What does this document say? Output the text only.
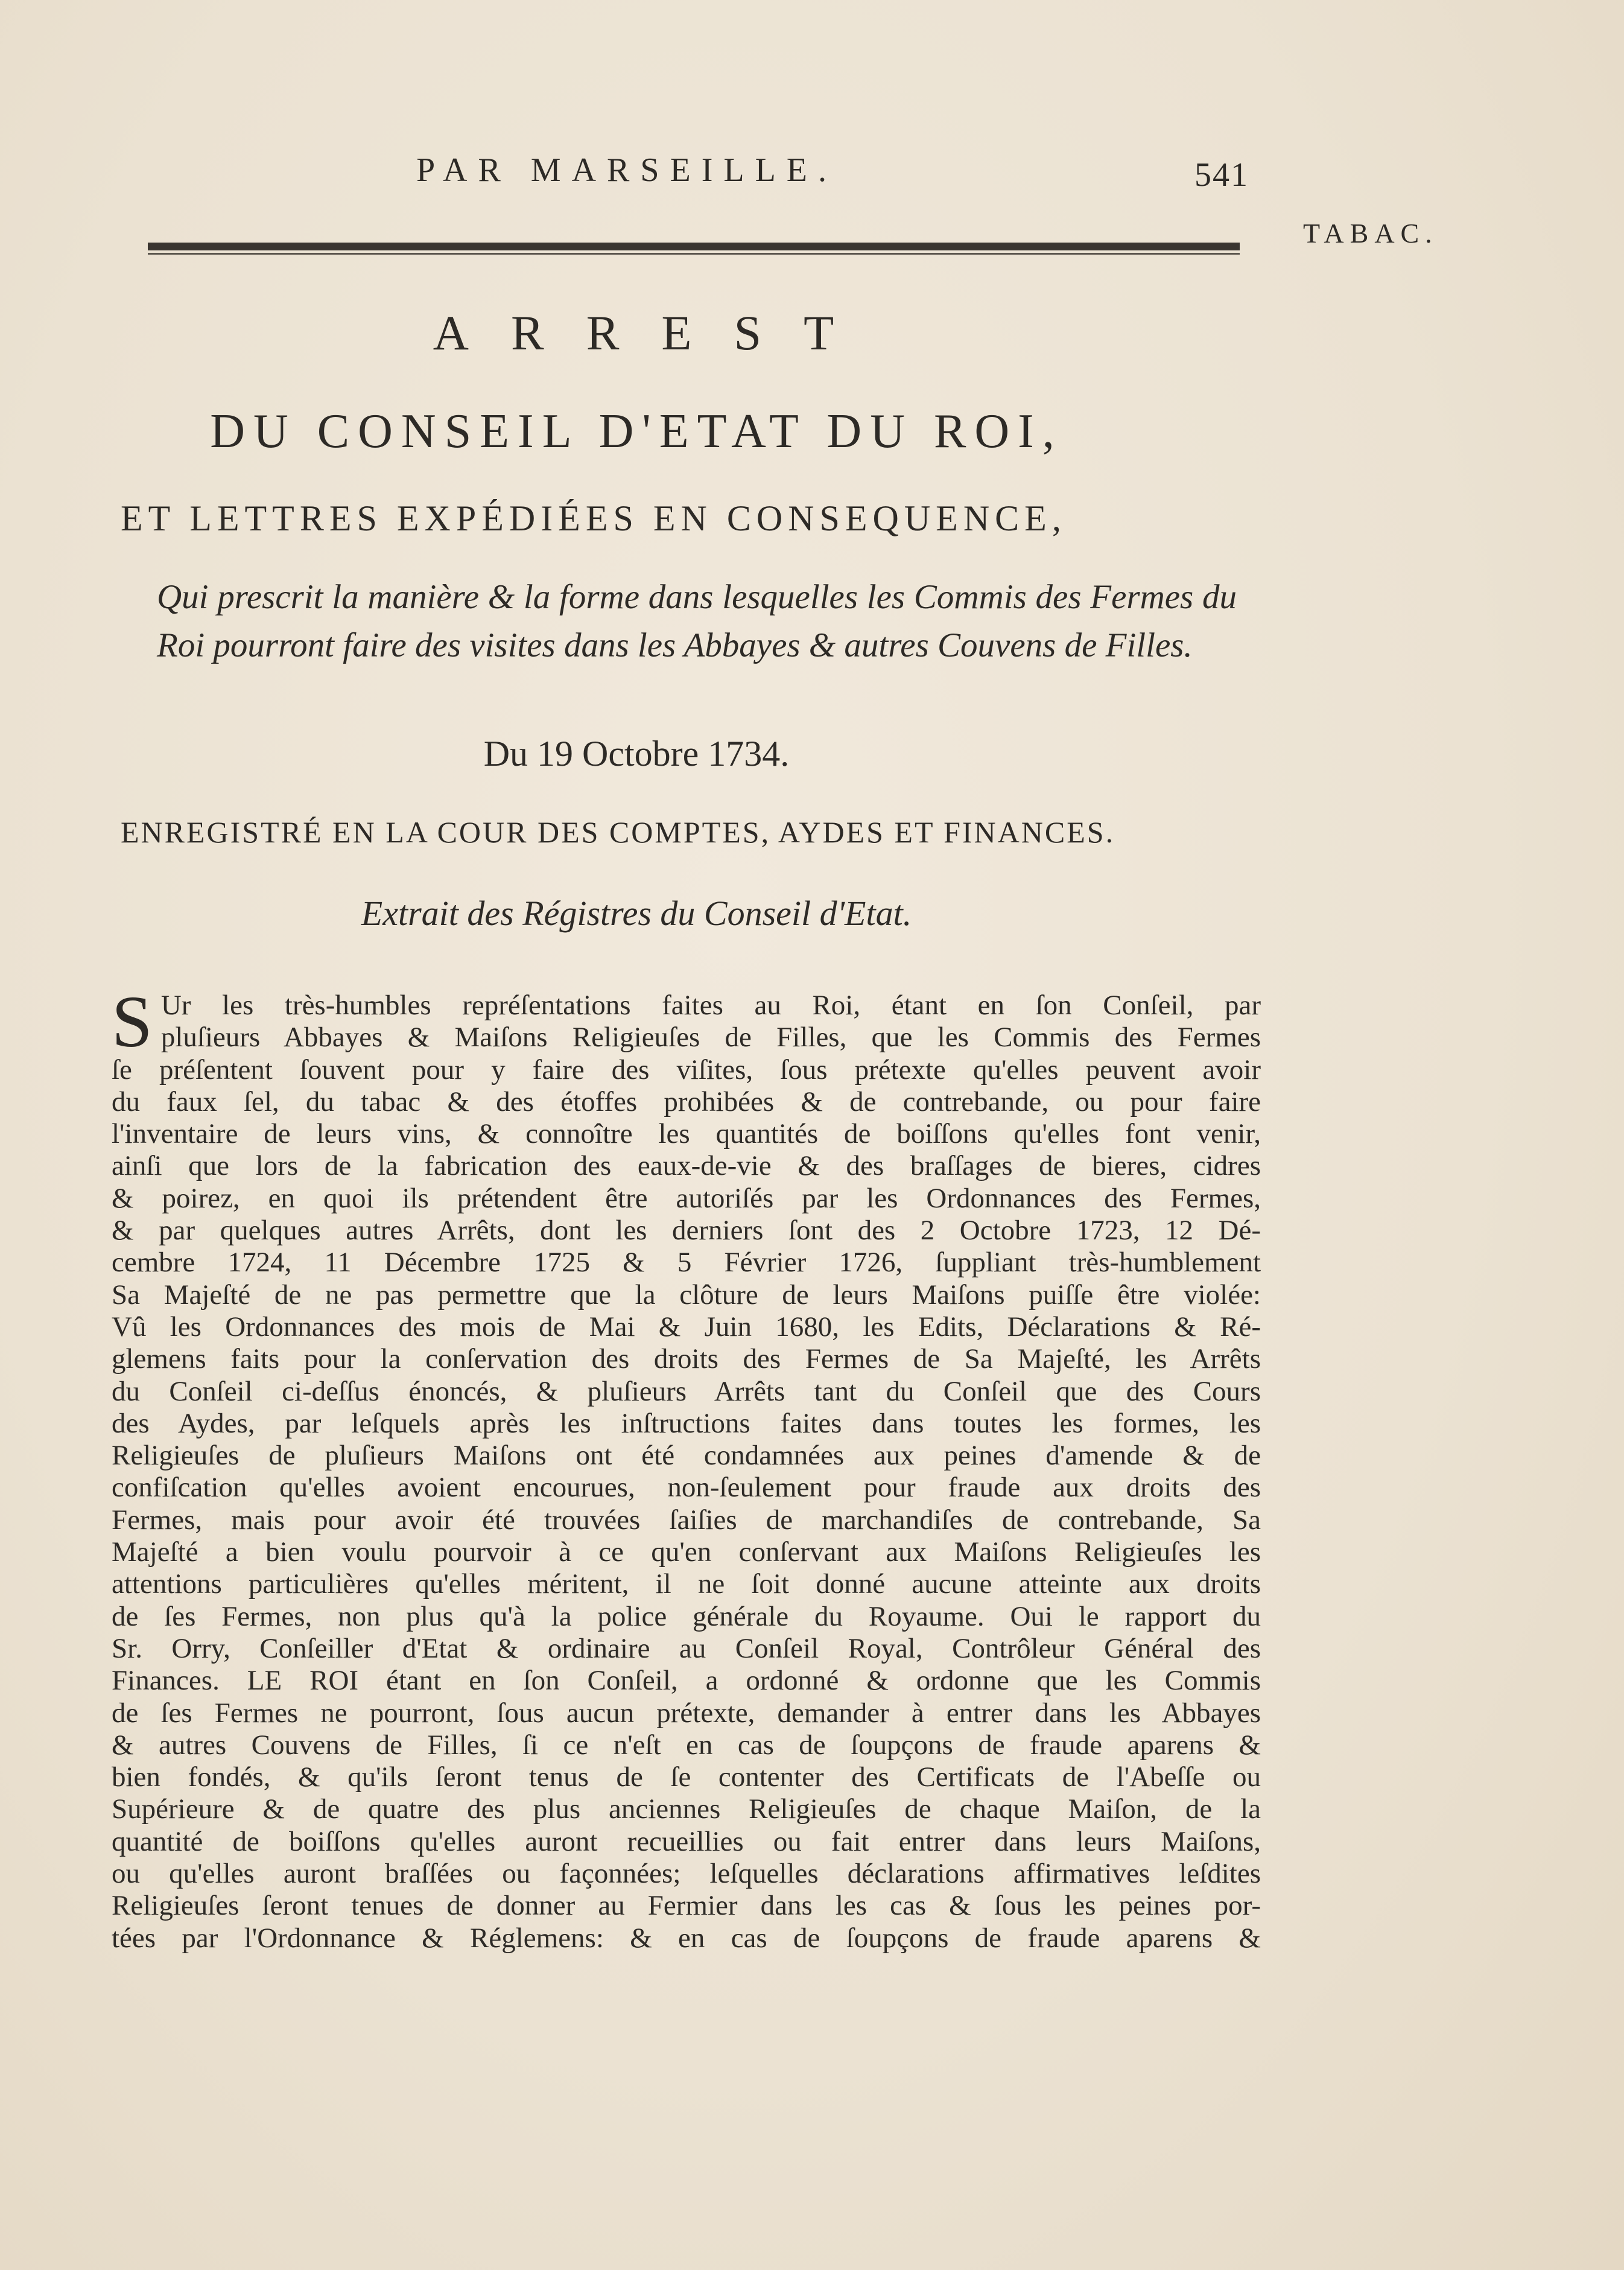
PAR MARSEILLE.	541
TABAC.
ARREST
DU CONSEIL D'ETAT DU ROI,
ET LETTRES EXPÉDIÉES EN CONSEQUENCE,
Qui prescrit la manière & la forme dans lesquelles les Commis des Fermes du Roi pourront faire des visites dans les Abbayes & autres Couvens de Filles.
Du 19 Octobre 1734.
ENREGISTRÉ EN LA COUR DES COMPTES, AYDES ET FINANCES.
Extrait des Régistres du Conseil d'Etat.
S Ur les très-humbles repréſentations faites au Roi, étant en ſon Conſeil, par
pluſieurs Abbayes & Maiſons Religieuſes de Filles, que les Commis des Fermes
ſe préſentent ſouvent pour y faire des viſites, ſous prétexte qu'elles peuvent avoir
du faux ſel, du tabac & des étoffes prohibées & de contrebande, ou pour faire
l'inventaire de leurs vins, & connoître les quantités de boiſſons qu'elles font venir,
ainſi que lors de la fabrication des eaux-de-vie & des braſſages de bieres, cidres
& poirez, en quoi ils prétendent être autoriſés par les Ordonnances des Fermes,
& par quelques autres Arrêts, dont les derniers ſont des 2 Octobre 1723, 12 Dé-
cembre 1724, 11 Décembre 1725 & 5 Février 1726, ſuppliant très-humblement
Sa Majeſté de ne pas permettre que la clôture de leurs Maiſons puiſſe être violée:
Vû les Ordonnances des mois de Mai & Juin 1680, les Edits, Déclarations & Ré-
glemens faits pour la conſervation des droits des Fermes de Sa Majeſté, les Arrêts
du Conſeil ci-deſſus énoncés, & pluſieurs Arrêts tant du Conſeil que des Cours
des Aydes, par leſquels après les inſtructions faites dans toutes les formes, les
Religieuſes de pluſieurs Maiſons ont été condamnées aux peines d'amende & de
confiſcation qu'elles avoient encourues, non-ſeulement pour fraude aux droits des
Fermes, mais pour avoir été trouvées ſaiſies de marchandiſes de contrebande, Sa
Majeſté a bien voulu pourvoir à ce qu'en conſervant aux Maiſons Religieuſes les
attentions particulières qu'elles méritent, il ne ſoit donné aucune atteinte aux droits
de ſes Fermes, non plus qu'à la police générale du Royaume. Oui le rapport du
Sr. Orry, Conſeiller d'Etat & ordinaire au Conſeil Royal, Contrôleur Général des
Finances. LE ROI étant en ſon Conſeil, a ordonné & ordonne que les Commis
de ſes Fermes ne pourront, ſous aucun prétexte, demander à entrer dans les Abbayes
& autres Couvens de Filles, ſi ce n'eſt en cas de ſoupçons de fraude aparens &
bien fondés, & qu'ils ſeront tenus de ſe contenter des Certificats de l'Abeſſe ou
Supérieure & de quatre des plus anciennes Religieuſes de chaque Maiſon, de la
quantité de boiſſons qu'elles auront recueillies ou fait entrer dans leurs Maiſons,
ou qu'elles auront braſſées ou façonnées; leſquelles déclarations affirmatives leſdites
Religieuſes ſeront tenues de donner au Fermier dans les cas & ſous les peines por-
tées par l'Ordonnance & Réglemens: & en cas de ſoupçons de fraude aparens &
